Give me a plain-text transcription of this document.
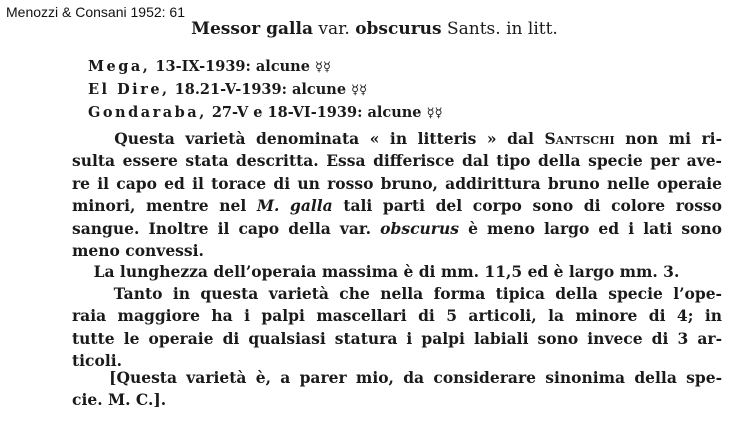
Menozzi & Consani 1952: 61
Messor galla var. obscurus Sants. in litt.
Mega, 13-IX-1939: alcune ☿☿
El Dire, 18.21-V-1939: alcune ☿☿
Gondaraba, 27-V e 18-VI-1939: alcune ☿☿
Questa varietà denominata « in litteris » dal Santschi non mi ri-
sulta essere stata descritta. Essa differisce dal tipo della specie per ave-
re il capo ed il torace di un rosso bruno, addirittura bruno nelle operaie
minori, mentre nel M. galla tali parti del corpo sono di colore rosso
sangue. Inoltre il capo della var. obscurus è meno largo ed i lati sono
meno convessi.
La lunghezza dell’operaia massima è di mm. 11,5 ed è largo mm. 3.
Tanto in questa varietà che nella forma tipica della specie l’ope-
raia maggiore ha i palpi mascellari di 5 articoli, la minore di 4; in
tutte le operaie di qualsiasi statura i palpi labiali sono invece di 3 ar-
ticoli.
[Questa varietà è, a parer mio, da considerare sinonima della spe-
cie. M. C.].
